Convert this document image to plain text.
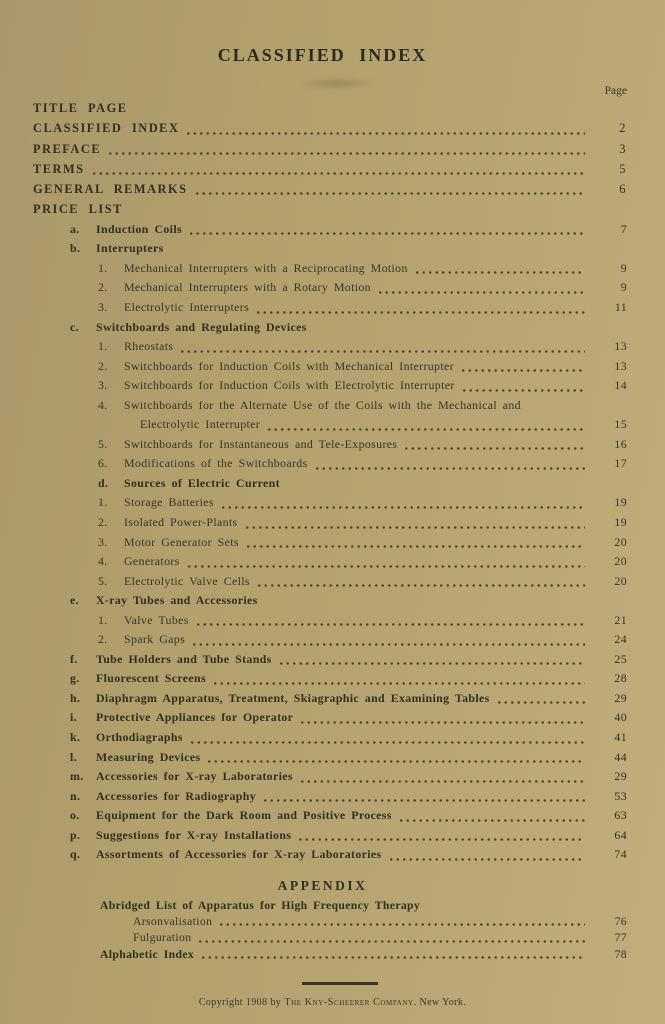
CLASSIFIED INDEX
Page
TITLE PAGE
CLASSIFIED INDEX	2
PREFACE	3
TERMS	5
GENERAL REMARKS	6
PRICE LIST
a.	Induction Coils	7
b.	Interrupters
1.	Mechanical Interrupters with a Reciprocating Motion	9
2.	Mechanical Interrupters with a Rotary Motion	9
3.	Electrolytic Interrupters	11
c.	Switchboards and Regulating Devices
1.	Rheostats	13
2.	Switchboards for Induction Coils with Mechanical Interrupter	13
3.	Switchboards for Induction Coils with Electrolytic Interrupter	14
4.	Switchboards for the Alternate Use of the Coils with the Mechanical and
Electrolytic Interrupter	15
5.	Switchboards for Instantaneous and Tele-Exposures	16
6.	Modifications of the Switchboards	17
d.	Sources of Electric Current
1.	Storage Batteries	19
2.	Isolated Power-Plants	19
3.	Motor Generator Sets	20
4.	Generators	20
5.	Electrolytic Valve Cells	20
e.	X-ray Tubes and Accessories
1.	Valve Tubes	21
2.	Spark Gaps	24
f.	Tube Holders and Tube Stands	25
g.	Fluorescent Screens	28
h.	Diaphragm Apparatus, Treatment, Skiagraphic and Examining Tables	29
i.	Protective Appliances for Operator	40
k.	Orthodiagraphs	41
l.	Measuring Devices	44
m.	Accessories for X-ray Laboratories	29
n.	Accessories for Radiography	53
o.	Equipment for the Dark Room and Positive Process	63
p.	Suggestions for X-ray Installations	64
q.	Assortments of Accessories for X-ray Laboratories	74
APPENDIX
Abridged List of Apparatus for High Frequency Therapy
Arsonvalisation	76
Fulguration	77
Alphabetic Index	78
Copyright 1908 by The Kny-Scheerer Company. New York.
